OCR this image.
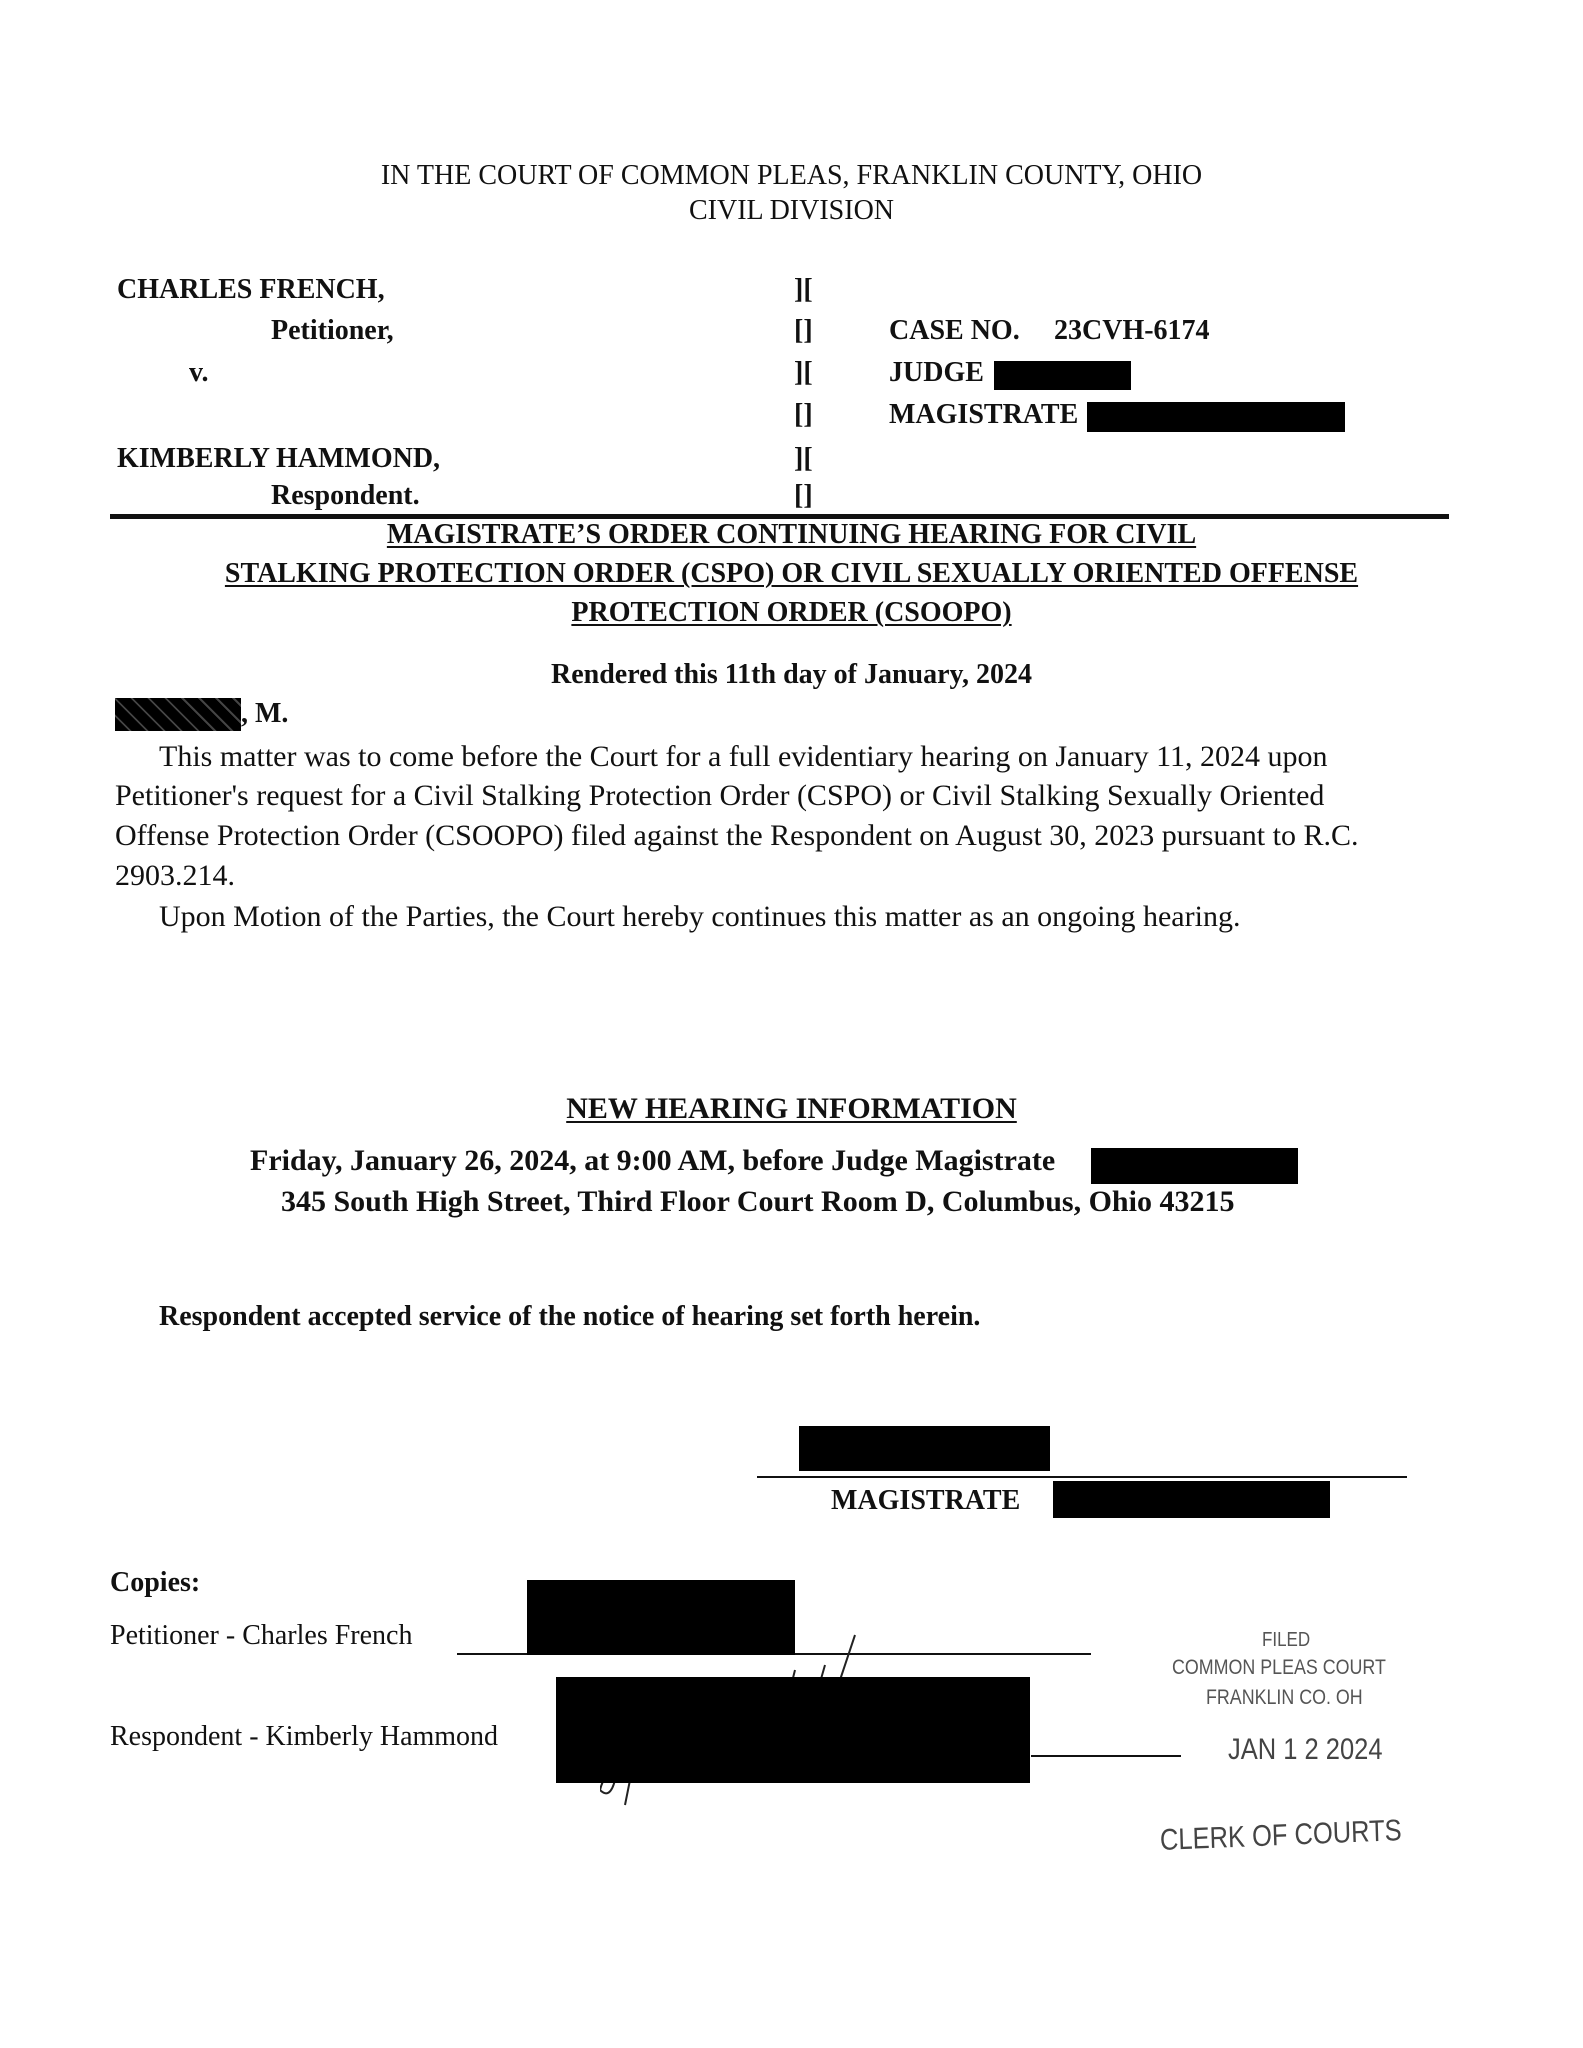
IN THE COURT OF COMMON PLEAS, FRANKLIN COUNTY, OHIO
CIVIL DIVISION
CHARLES FRENCH,
Petitioner,
v.
KIMBERLY HAMMOND,
Respondent.
][
[]
][
[]
][
[]
CASE NO. 23CVH-6174
JUDGE
MAGISTRATE
MAGISTRATE’S ORDER CONTINUING HEARING FOR CIVIL
STALKING PROTECTION ORDER (CSPO) OR CIVIL SEXUALLY ORIENTED OFFENSE
PROTECTION ORDER (CSOOPO)
Rendered this 11th day of January, 2024
, M.
This matter was to come before the Court for a full evidentiary hearing on January 11, 2024 upon
Petitioner's request for a Civil Stalking Protection Order (CSPO) or Civil Stalking Sexually Oriented
Offense Protection Order (CSOOPO) filed against the Respondent on August 30, 2023 pursuant to R.C.
2903.214.
Upon Motion of the Parties, the Court hereby continues this matter as an ongoing hearing.
NEW HEARING INFORMATION
Friday, January 26, 2024, at 9:00 AM, before Judge Magistrate
345 South High Street, Third Floor Court Room D, Columbus, Ohio 43215
Respondent accepted service of the notice of hearing set forth herein.
MAGISTRATE
Copies:
Petitioner - Charles French
Respondent - Kimberly Hammond
FILED
COMMON PLEAS COURT
FRANKLIN CO. OH
JAN 1 2 2024
CLERK OF COURTS
